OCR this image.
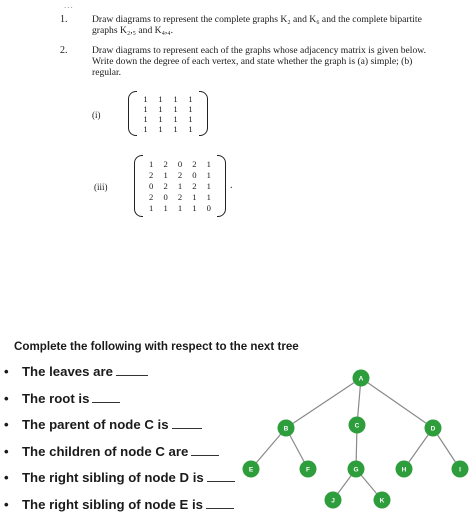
...
1.	Draw diagrams to represent the complete graphs K₂ and K₆ and the complete bipartite graphs K₂,₅ and K₄,₄.
2.	Draw diagrams to represent each of the graphs whose adjacency matrix is given below. Write down the degree of each vertex, and state whether the graph is (a) simple; (b) regular.
(i)
1	1	1	1
1	1	1	1
1	1	1	1
1	1	1	1
(iii)
1	2	0	2	1
2	1	2	0	1
0	2	1	2	1
2	0	2	1	1
1	1	1	1	0
.
Complete the following with respect to the next tree
• The leaves are
• The root is
• The parent of node C is
• The children of node C are
• The right sibling of node D is
• The right sibling of node E is
A
B	C	D
E	F	G	H	I
J	K
